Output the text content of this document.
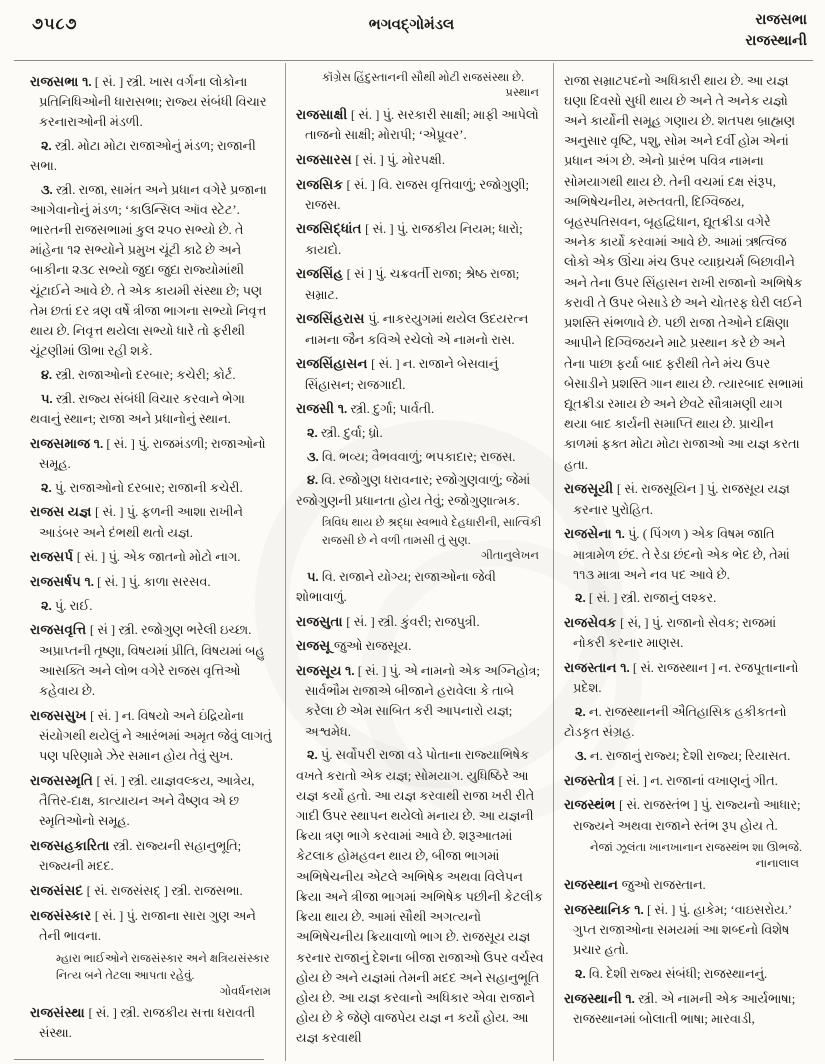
૭૫૮૭	ભગવદ્ગોમંડલ	રાજસભા
રાજસ્થાની

રાજસભા ૧. [ સં. ] સ્ત્રી. ખાસ વર્ગના લોકોના પ્રતિનિધિઓની ધારાસભા; રાજ્ય સંબંધી વિચાર કરનારાઓની મંડળી.

૨. સ્ત્રી. મોટા મોટા રાજાઓનું મંડળ; રાજાની સભા.

૩. સ્ત્રી. રાજા, સામંત અને પ્રધાન વગેરે પ્રજાના આગેવાનોનું મંડળ; ‘કાઉન્સિલ ઑવ સ્ટેટ’. ભારતની રાજસભામાં કુલ ૨૫૦ સભ્યો છે. તે માંહેના ૧૨ સભ્યોને પ્રમુખ ચૂંટી કાઢે છે અને બાકીના ૨૩૮ સભ્યો જુદા જુદા રાજ્યોમાંથી ચૂંટાઈને આવે છે. તે એક કાયમી સંસ્થા છે; પણ તેમ છતાં દર ત્રણ વર્ષે ત્રીજા ભાગના સભ્યો નિવૃત્ત થાય છે. નિવૃત્ત થયેલા સભ્યો ધારે તો ફરીથી ચૂંટણીમાં ઊભા રહી શકે.

૪. સ્ત્રી. રાજાઓનો દરબાર; કચેરી; કોર્ટ.

૫. સ્ત્રી. રાજ્ય સંબંધી વિચાર કરવાને ભેગા થવાનું સ્થાન; રાજા અને પ્રધાનોનું સ્થાન.

રાજસમાજ ૧. [ સં. ] પું. રાજમંડળી; રાજાઓનો સમૂહ.

૨. પું. રાજાઓનો દરબાર; રાજાની કચેરી.

રાજસ યજ્ઞ [ સં. ] પું. ફળની આશા રાખીને આડંબર અને દંભથી થતો યજ્ઞ.

રાજસર્પ [ સં. ] પું. એક જાતનો મોટો નાગ.

રાજસર્ષપ ૧. [ સં. ] પું. કાળા સરસવ.

૨. પું. રાઈ.

રાજસવૃત્તિ [ સં ] સ્ત્રી. રજોગુણ ભરેલી ઇચ્છા. અપ્રાપ્તની તૃષ્ણા, વિષયમાં પ્રીતિ, વિષયમાં બહુ આસક્તિ અને લોભ વગેરે રાજસ વૃત્તિઓ કહેવાય છે.

રાજસસુખ [ સં. ] ન. વિષયો અને ઇંદ્રિયોના સંયોગથી થયેલું ને આરંભમાં અમૃત જેવું લાગતું પણ પરિણામે ઝેર સમાન હોય તેવું સુખ.

રાજસસ્મૃતિ [ સં. ] સ્ત્રી. યાજ્ઞવલ્કય, આત્રેય, તૈત્તિર-દાક્ષ, કાત્યાયન અને વૈષ્ણવ એ છ સ્મૃતિઓનો સમૂહ.

રાજસહકારિતા સ્ત્રી. રાજ્યની સહાનુભૂતિ; રાજ્યની મદદ.

રાજસંસદ [ સં. રાજસંસદ્ ] સ્ત્રી. રાજસભા.

રાજસંસ્કાર [ સં. ] પું. રાજાના સારા ગુણ અને તેની ભાવના.

મ્હારા ભાઈઓને રાજસંસ્કાર અને ક્ષત્રિયસંસ્કાર નિત્ય બને તેટલા આપતા રહેવું.
ગોવર્ધનરામ

રાજસંસ્થા [ સં. ] સ્ત્રી. રાજકીય સત્તા ધરાવતી સંસ્થા.

કૉંગ્રેસ હિંદુસ્તાનની સૌથી મોટી રાજસંસ્થા છે.
પ્રસ્થાન

રાજસાક્ષી [ સં. ] પું. સરકારી સાક્ષી; માફી આપેલો તાજનો સાક્ષી; મોરાપી; ‘એપ્રૂવર’.

રાજસારસ [ સં. ] પું. મોરપક્ષી.

રાજસિક [ સં. ] વિ. રાજસ વૃત્તિવાળું; રજોગુણી; રાજસ.

રાજસિદ્ધાંત [ સં. ] પું. રાજકીય નિયમ; ધારો; કાયદો.

રાજસિંહ [ સં ] પું. ચક્રવર્તી રાજા; શ્રેષ્ઠ રાજા; સમ્રાટ.

રાજસિંહરાસ પું. નાકરયુગમાં થયેલ ઉદયરત્ન નામના જૈન કવિએ રચેલો એ નામનો રાસ.

રાજસિંહાસન [ સં. ] ન. રાજાને બેસવાનું સિંહાસન; રાજગાદી.

રાજસી ૧. સ્ત્રી. દુર્ગા; પાર્વતી.

૨. સ્ત્રી. દુર્વા; ધ્રો.

૩. વિ. ભવ્ય; વૈભવવાળું; ભપકાદાર; રાજસ.

૪. વિ. રજોગુણ ધરાવનાર; રજોગુણવાળું; જેમાં રજોગુણની પ્રધાનતા હોય તેવું; રજોગુણાત્મક.

ત્રિવિધ થાય છે શ્રદ્ધા સ્વભાવે દેહધારીની, સાત્વિકી રાજસી છે ને વળી તામસી તું સુણ.
ગીતાનુલેખન

૫. વિ. રાજાને યોગ્ય; રાજાઓના જેવી શોભાવાળું.

રાજસુતા [ સં. ] સ્ત્રી. કુંવરી; રાજપુત્રી.

રાજસૂ જુઓ રાજસૂય.

રાજસૂય ૧. [ સં. ] પું. એ નામનો એક અગ્નિહોત્ર; સાર્વભૌમ રાજાએ બીજાને હરાવેલા કે તાબે કરેલા છે એમ સાબિત કરી આપનારો યજ્ઞ; અશ્વમેધ.

૨. પું. સર્વોપરી રાજા વડે પોતાના રાજ્યાભિષેક વખતે કરાતો એક યજ્ઞ; સોમયાગ. યુધિષ્ઠિરે આ યજ્ઞ કર્યો હતો. આ યજ્ઞ કરવાથી રાજા ખરી રીતે ગાદી ઉપર સ્થાપન થયેલો મનાય છે. આ યજ્ઞની ક્રિયા ત્રણ ભાગે કરવામાં આવે છે. શરૂઆતમાં કેટલાક હોમહવન થાય છે, બીજા ભાગમાં અભિષેચનીય એટલે અભિષેક અથવા વિલેપન ક્રિયા અને ત્રીજા ભાગમાં અભિષેક પછીની કેટલીક ક્રિયા થાય છે. આમાં સૌથી અગત્યનો અભિષેચનીય ક્રિયાવાળો ભાગ છે. રાજસૂય યજ્ઞ કરનાર રાજાનું દેશના બીજા રાજાઓ ઉપર વર્ચસ્વ હોય છે અને યજ્ઞમાં તેમની મદદ અને સહાનુભૂતિ હોય છે. આ યજ્ઞ કરવાનો અધિકાર એવા રાજાને હોય છે કે જેણે વાજપેય યજ્ઞ ન કર્યો હોય. આ યજ્ઞ કરવાથી

રાજા સમ્રાટપદનો અધિકારી થાય છે. આ યજ્ઞ ઘણા દિવસો સુધી થાય છે અને તે અનેક યજ્ઞો અને કાર્યોની સમૂહ ગણાય છે. શતપથ બ્રાહ્મણ અનુસાર વૃષ્ટિ, પશુ, સોમ અને દર્વી હોમ એનાં પ્રધાન અંગ છે. એનો પ્રારંભ પવિત્ર નામના સોમયાગથી થાય છે. તેની વચમાં દક્ષ સંરૂપ, અભિષેચનીય, મરુતવતી, દિગ્વિજય, બૃહસ્પતિસવન, બૃહદ્વિધાન, દ્યૂતક્રીડા વગેરે અનેક કાર્યો કરવામાં આવે છે. આમાં ઋત્વિજ લોકો એક ઊંચા મંચ ઉપર વ્યાઘ્રચર્મ બિછાવીને અને તેના ઉપર સિંહાસન રાખી રાજાનો અભિષેક કરાવી તે ઉપર બેસાડે છે અને ચોતરફ ઘેરી લઈને પ્રશસ્તિ સંભળાવે છે. પછી રાજા તેઓને દક્ષિણા આપીને દિગ્વિજયને માટે પ્રસ્થાન કરે છે અને તેના પાછા ફર્યા બાદ ફરીથી તેને મંચ ઉપર બેસાડીને પ્રશસ્તિ ગાન થાય છે. ત્યારબાદ સભામાં દ્યૂતક્રીડા રમાય છે અને છેવટે સૌત્રામણી યાગ થયા બાદ કાર્યની સમાપ્તિ થાય છે. પ્રાચીન કાળમાં ફક્ત મોટા મોટા રાજાઓ આ યજ્ઞ કરતા હતા.

રાજસૂયી [ સં. રાજસૂયિન ] પું. રાજસૂય યજ્ઞ કરનાર પુરોહિત.

રાજસેના ૧. પું. ( પિંગળ ) એક વિષમ જાતિ માત્રામેળ છંદ. તે રેડા છંદનો એક ભેદ છે, તેમાં ૧૧૩ માત્રા અને નવ પદ આવે છે.

૨. [ સં. ] સ્ત્રી. રાજાનું લશ્કર.

રાજસેવક [ સં, ] પું. રાજાનો સેવક; રાજમાં નોકરી કરનાર માણસ.

રાજસ્તાન ૧. [ સં. રાજસ્થાન ] ન. રજપૂતાનાનો પ્રદેશ.

૨. ન. રાજસ્થાનની ઐતિહાસિક હકીકતનો ટોડકૃત સંગ્રહ.

૩. ન. રાજાનું રાજ્ય; દેશી રાજ્ય; રિયાસત.

રાજસ્તોત્ર [ સં. ] ન. રાજાનાં વખાણનું ગીત.

રાજસ્થંભ [ સં. રાજસ્તંભ ] પું. રાજ્યનો આધાર; રાજ્યને અથવા રાજાને સ્તંભ રૂપ હોય તે.

નેજાં ઝૂલંતા ખાનખાનાન રાજસ્થંભ શા ઊભજે.
નાનાલાલ

રાજસ્થાન જુઓ રાજસ્તાન.

રાજસ્થાનિક ૧. [ સં. ] પું. હાકેમ; ‘વાઇસરોય.’ ગુપ્ત રાજાઓના સમયમાં આ શબ્દનો વિશેષ પ્રચાર હતો.

૨. વિ. દેશી રાજ્ય સંબંધી; રાજસ્થાનનું.

રાજસ્થાની ૧. સ્ત્રી. એ નામની એક આર્યભાષા; રાજસ્થાનમાં બોલાતી ભાષા; મારવાડી,
